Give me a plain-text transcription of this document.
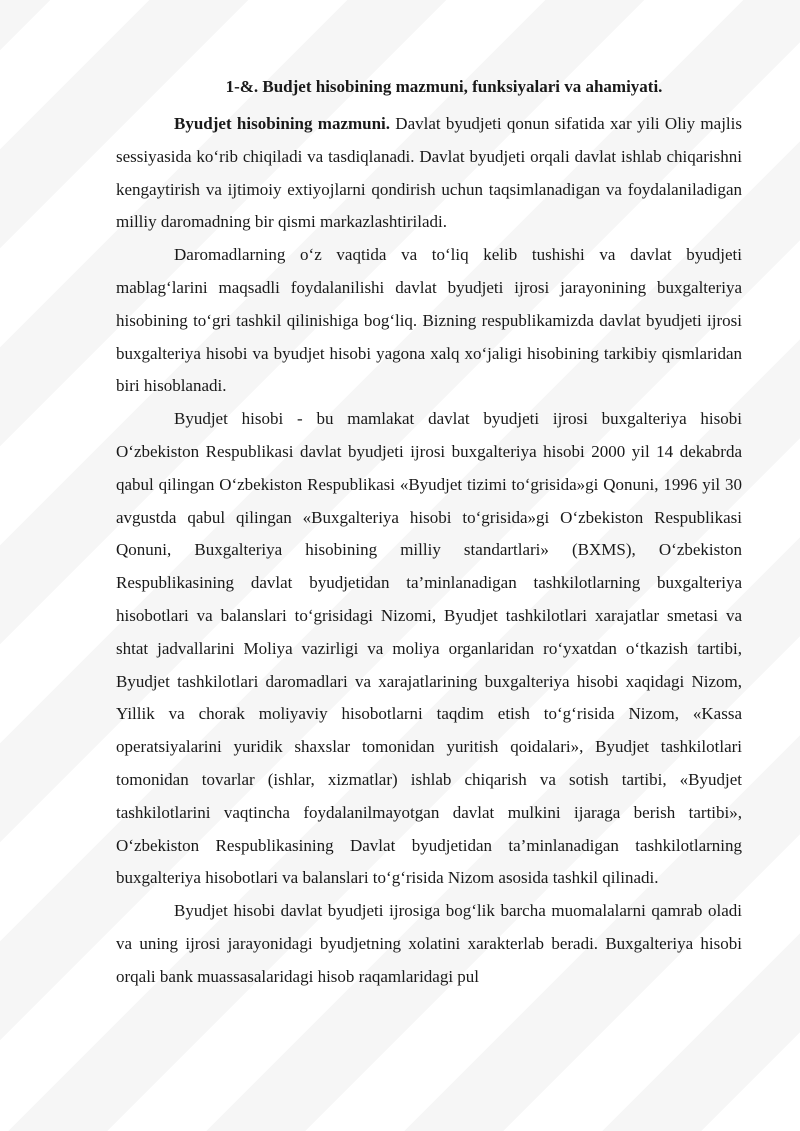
1-&. Budjet hisobining mazmuni, funksiyalari va ahamiyati.

Byudjet hisobining mazmuni. Davlat byudjeti qonun sifatida xar yili Oliy majlis sessiyasida ko‘rib chiqiladi va tasdiqlanadi. Davlat byudjeti orqali davlat ishlab chiqarishni kengaytirish va ijtimoiy extiyojlarni qondirish uchun taqsimlanadigan va foydalaniladigan milliy daromadning bir qismi markazlashtiriladi.

Daromadlarning o‘z vaqtida va to‘liq kelib tushishi va davlat byudjeti mablag‘larini maqsadli foydalanilishi davlat byudjeti ijrosi jarayonining buxgalteriya hisobining to‘gri tashkil qilinishiga bog‘liq. Bizning respublikamizda davlat byudjeti ijrosi buxgalteriya hisobi va byudjet hisobi yagona xalq xo‘jaligi hisobining tarkibiy qismlaridan biri hisoblanadi.

Byudjet hisobi - bu mamlakat davlat byudjeti ijrosi buxgalteriya hisobi O‘zbekiston Respublikasi davlat byudjeti ijrosi buxgalteriya hisobi 2000 yil 14 dekabrda qabul qilingan O‘zbekiston Respublikasi «Byudjet tizimi to‘grisida»gi Qonuni, 1996 yil 30 avgustda qabul qilingan «Buxgalteriya hisobi to‘grisida»gi O‘zbekiston Respublikasi Qonuni, Buxgalteriya hisobining milliy standartlari» (BXMS), O‘zbekiston Respublikasining davlat byudjetidan ta’minlanadigan tashkilotlarning buxgalteriya hisobotlari va balanslari to‘grisidagi Nizomi, Byudjet tashkilotlari xarajatlar smetasi va shtat jadvallarini Moliya vazirligi va moliya organlaridan ro‘yxatdan o‘tkazish tartibi, Byudjet tashkilotlari daromadlari va xarajatlarining buxgalteriya hisobi xaqidagi Nizom, Yillik va chorak moliyaviy hisobotlarni taqdim etish to‘g‘risida Nizom, «Kassa operatsiyalarini yuridik shaxslar tomonidan yuritish qoidalari», Byudjet tashkilotlari tomonidan tovarlar (ishlar, xizmatlar) ishlab chiqarish va sotish tartibi, «Byudjet tashkilotlarini vaqtincha foydalanilmayotgan davlat mulkini ijaraga berish tartibi», O‘zbekiston Respublikasining Davlat byudjetidan ta’minlanadigan tashkilotlarning buxgalteriya hisobotlari va balanslari to‘g‘risida Nizom asosida tashkil qilinadi.

Byudjet hisobi davlat byudjeti ijrosiga bog‘lik barcha muomalalarni qamrab oladi va uning ijrosi jarayonidagi byudjetning xolatini xarakterlab beradi. Buxgalteriya hisobi orqali bank muassasalaridagi hisob raqamlaridagi pul
